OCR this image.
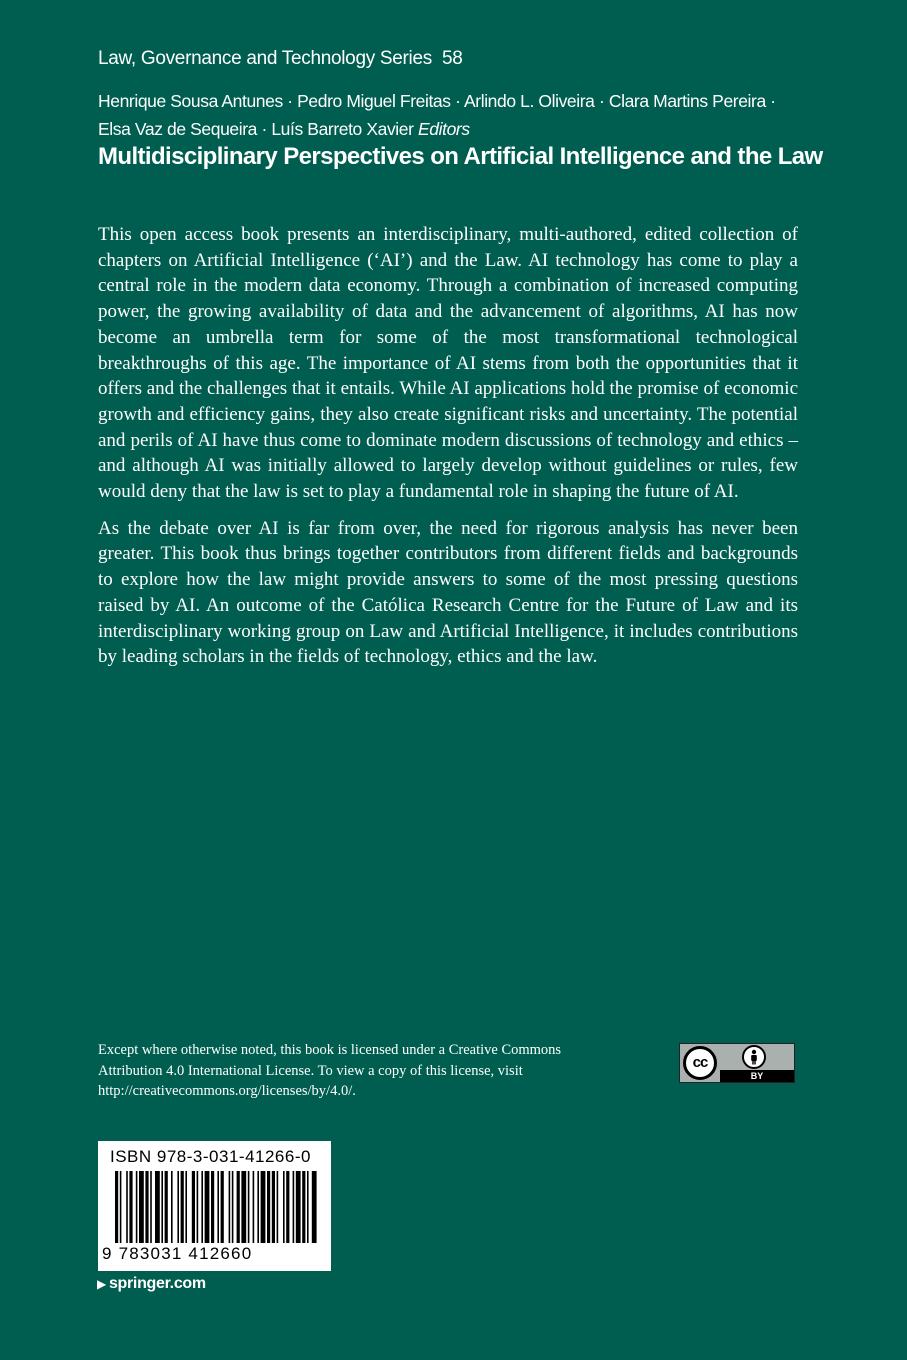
Law, Governance and Technology Series 58
Henrique Sousa Antunes · Pedro Miguel Freitas · Arlindo L. Oliveira · Clara Martins Pereira ·
Elsa Vaz de Sequeira · Luís Barreto Xavier Editors
Multidisciplinary Perspectives on Artificial Intelligence and the Law

This open access book presents an interdisciplinary, multi-authored, edited collection of chapters on Artificial Intelligence (‘AI’) and the Law. AI technology has come to play a central role in the modern data economy. Through a combination of increased computing power, the growing availability of data and the advancement of algorithms, AI has now become an umbrella term for some of the most transformational technological breakthroughs of this age. The importance of AI stems from both the opportunities that it offers and the challenges that it entails. While AI applications hold the promise of economic growth and efficiency gains, they also create significant risks and uncertainty. The potential and perils of AI have thus come to dominate modern discussions of technology and ethics – and although AI was initially allowed to largely develop without guidelines or rules, few would deny that the law is set to play a fundamental role in shaping the future of AI.

As the debate over AI is far from over, the need for rigorous analysis has never been greater. This book thus brings together contributors from different fields and backgrounds to explore how the law might provide answers to some of the most pressing questions raised by AI. An outcome of the Católica Research Centre for the Future of Law and its interdisciplinary working group on Law and Artificial Intelligence, it includes contributions by leading scholars in the fields of technology, ethics and the law.

Except where otherwise noted, this book is licensed under a Creative Commons Attribution 4.0 International License. To view a copy of this license, visit http://creativecommons.org/licenses/by/4.0/.
cc
BY
ISBN 978-3-031-41266-0
9 783031 412660
▶ springer.com
